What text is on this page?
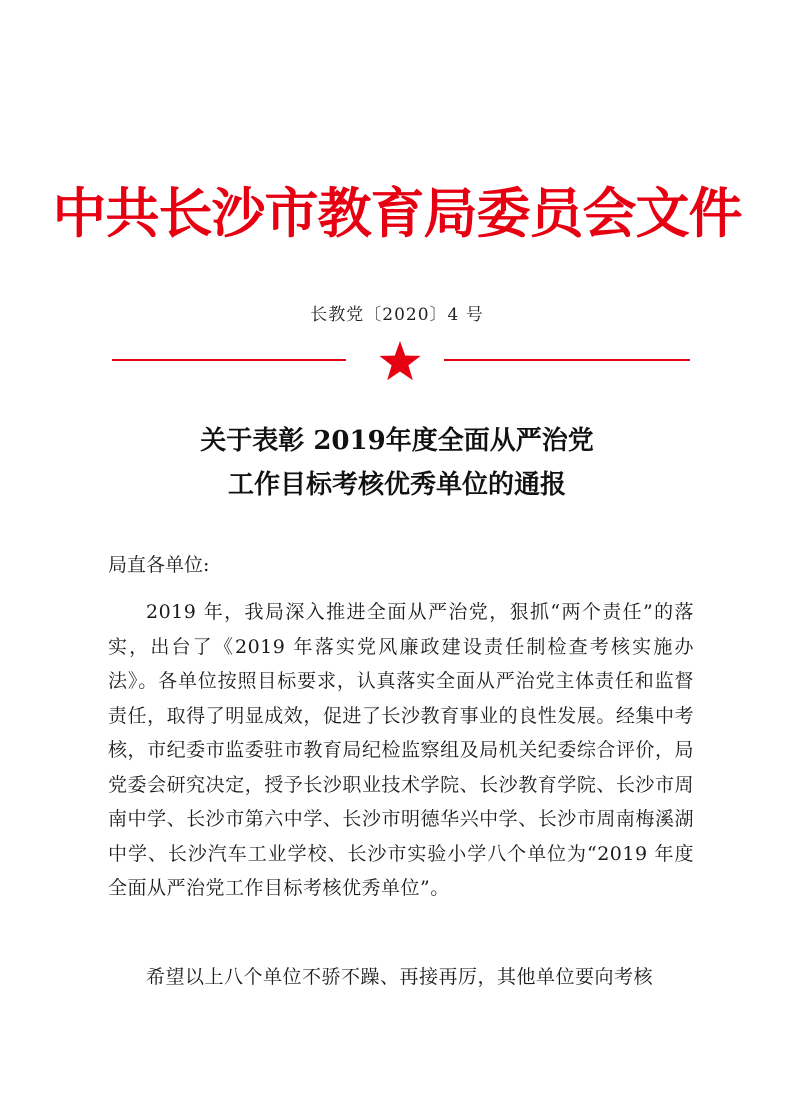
中共长沙市教育局委员会文件
长教党〔2020〕4 号
关于表彰 2019年度全面从严治党
工作目标考核优秀单位的通报
局直各单位:
2019 年，我局深入推进全面从严治党，狠抓“两个责任”的落实，出台了《2019 年落实党风廉政建设责任制检查考核实施办法》。各单位按照目标要求，认真落实全面从严治党主体责任和监督责任，取得了明显成效，促进了长沙教育事业的良性发展。经集中考核，市纪委市监委驻市教育局纪检监察组及局机关纪委综合评价，局党委会研究决定，授予长沙职业技术学院、长沙教育学院、长沙市周南中学、长沙市第六中学、长沙市明德华兴中学、长沙市周南梅溪湖中学、长沙汽车工业学校、长沙市实验小学八个单位为“2019 年度全面从严治党工作目标考核优秀单位”。
希望以上八个单位不骄不躁、再接再厉，其他单位要向考核
